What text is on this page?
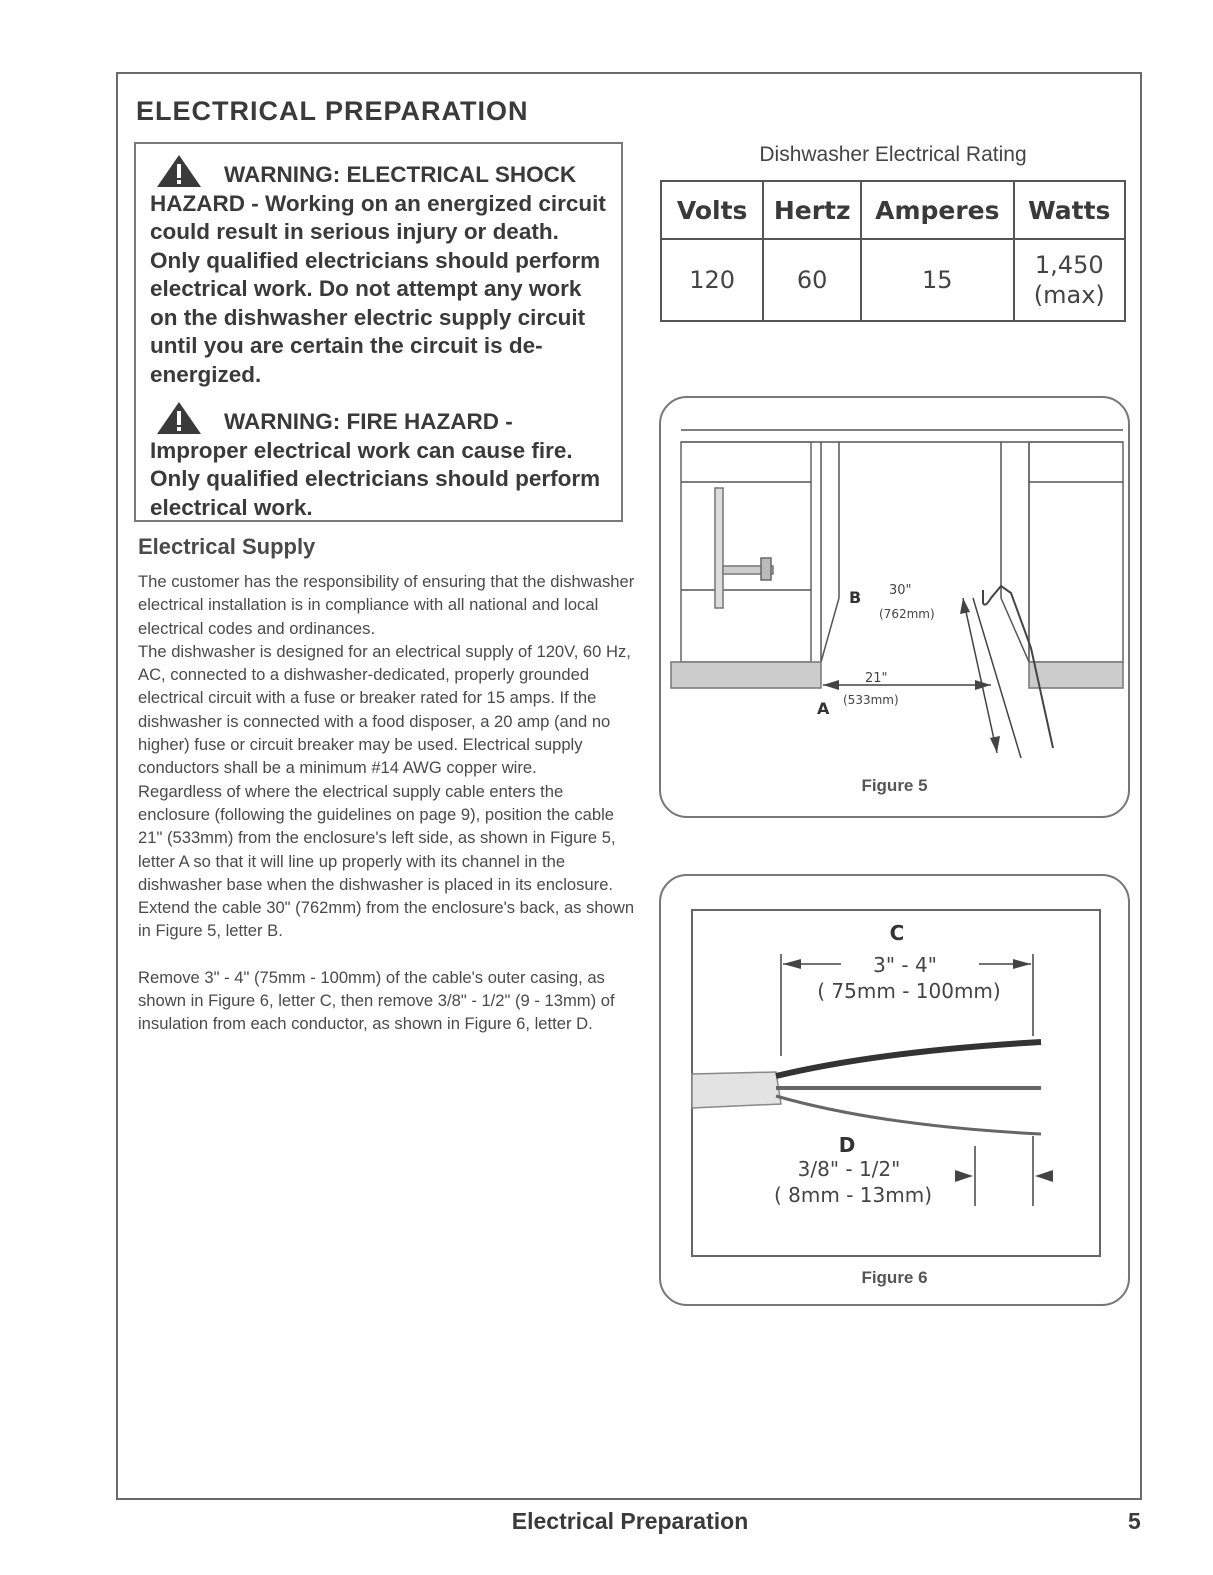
ELECTRICAL PREPARATION

WARNING: ELECTRICAL SHOCK HAZARD - Working on an energized circuit could result in serious injury or death. Only qualified electricians should perform electrical work. Do not attempt any work on the dishwasher electric supply circuit until you are certain the circuit is de-energized.

WARNING: FIRE HAZARD - Improper electrical work can cause fire. Only qualified electricians should perform electrical work.

Electrical Supply

The customer has the responsibility of ensuring that the dishwasher electrical installation is in compliance with all national and local electrical codes and ordinances.

The dishwasher is designed for an electrical supply of 120V, 60 Hz, AC, connected to a dishwasher-dedicated, properly grounded electrical circuit with a fuse or breaker rated for 15 amps. If the dishwasher is connected with a food disposer, a 20 amp (and no higher) fuse or circuit breaker may be used. Electrical supply conductors shall be a minimum #14 AWG copper wire.

Regardless of where the electrical supply cable enters the enclosure (following the guidelines on page 9), position the cable 21" (533mm) from the enclosure's left side, as shown in Figure 5, letter A so that it will line up properly with its channel in the dishwasher base when the dishwasher is placed in its enclosure. Extend the cable 30" (762mm) from the enclosure's back, as shown in Figure 5, letter B.

Remove 3" - 4" (75mm - 100mm) of the cable's outer casing, as shown in Figure 6, letter C, then remove 3/8" - 1/2" (9 - 13mm) of insulation from each conductor, as shown in Figure 6, letter D.

Dishwasher Electrical Rating
Volts	Hertz	Amperes	Watts
120	60	15	1,450
(max)
B 30"
(762mm)
21"
(533mm)
A
Figure 5
C
3" - 4"
( 75mm - 100mm)
D
3/8" - 1/2"
( 8mm - 13mm)
Figure 6
Electrical Preparation	5
